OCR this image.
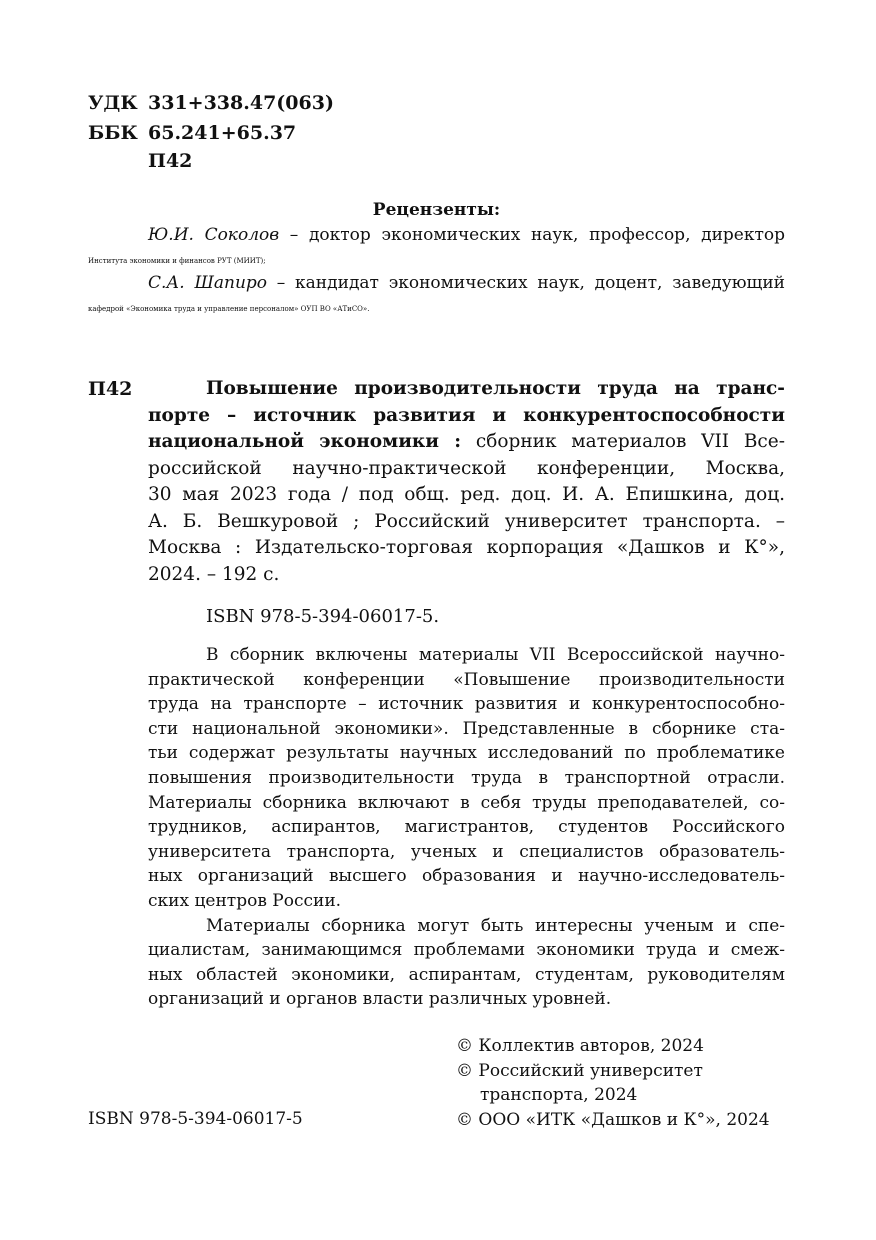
УДК 331+338.47(063)
ББК 65.241+65.37
П42
Рецензенты:

Ю.И. Соколов – доктор экономических наук, профессор, директор

Института экономики и финансов РУТ (МИИТ);

С.А. Шапиро – кандидат экономических наук, доцент, заведующий

кафедрой «Экономика труда и управление персоналом» ОУП ВО «АТиСО».

П42	Повышение производительности труда на транс-
порте – источник развития и конкурентоспособности
национальной экономики : сборник материалов VII Все-
российской научно-практической конференции, Москва,
30 мая 2023 года / под общ. ред. доц. И. А. Епишкина, доц.
А. Б. Вешкуровой ; Российский университет транспорта. –
Москва : Издательско-торговая корпорация «Дашков и К°»,
2024. – 192 с.
ISBN 978-5-394-06017-5.
В сборник включены материалы VII Всероссийской научно-
практической конференции «Повышение производительности
труда на транспорте – источник развития и конкурентоспособно-
сти национальной экономики». Представленные в сборнике ста-
тьи содержат результаты научных исследований по проблематике
повышения производительности труда в транспортной отрасли.
Материалы сборника включают в себя труды преподавателей, со-
трудников, аспирантов, магистрантов, студентов Российского
университета транспорта, ученых и специалистов образователь-
ных организаций высшего образования и научно-исследователь-
ских центров России.
Материалы сборника могут быть интересны ученым и спе-
циалистам, занимающимся проблемами экономики труда и смеж-
ных областей экономики, аспирантам, студентам, руководителям
организаций и органов власти различных уровней.
© Коллектив авторов, 2024
© Российский университет
транспорта, 2024
© ООО «ИТК «Дашков и К°», 2024
ISBN 978-5-394-06017-5
